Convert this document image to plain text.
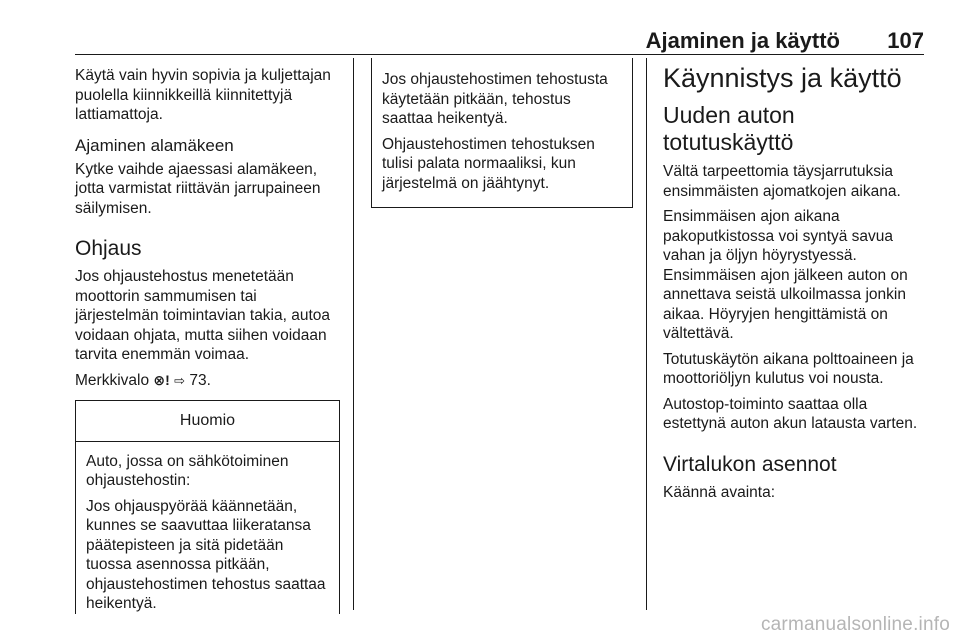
Ajaminen ja käyttö	107

Käytä vain hyvin sopivia ja kuljettajan puolella kiinnikkeillä kiinnitettyjä lattiamattoja.

Ajaminen alamäkeen

Kytke vaihde ajaessasi alamäkeen, jotta varmistat riittävän jarrupaineen säilymisen.

Ohjaus

Jos ohjaustehostus menetetään moottorin sammumisen tai järjestelmän toimintavian takia, autoa voidaan ohjata, mutta siihen voidaan tarvita enemmän voimaa.

Merkkivalo ⊗! ⇨ 73.

Huomio

Auto, jossa on sähkötoiminen ohjaustehostin:

Jos ohjauspyörää käännetään, kunnes se saavuttaa liikeratansa päätepisteen ja sitä pidetään tuossa asennossa pitkään, ohjaustehostimen tehostus saattaa heikentyä.

Jos ohjaustehostimen tehostusta käytetään pitkään, tehostus saattaa heikentyä.

Ohjaustehostimen tehostuksen tulisi palata normaaliksi, kun järjestelmä on jäähtynyt.

Käynnistys ja käyttö
Uuden auton totutuskäyttö

Vältä tarpeettomia täysjarrutuksia ensimmäisten ajomatkojen aikana.

Ensimmäisen ajon aikana pakoputkistossa voi syntyä savua vahan ja öljyn höyrystyessä. Ensimmäisen ajon jälkeen auton on annettava seistä ulkoilmassa jonkin aikaa. Höyryjen hengittämistä on vältettävä.

Totutuskäytön aikana polttoaineen ja moottoriöljyn kulutus voi nousta.

Autostop-toiminto saattaa olla estettynä auton akun latausta varten.

Virtalukon asennot

Käännä avainta:

carmanualsonline.info
